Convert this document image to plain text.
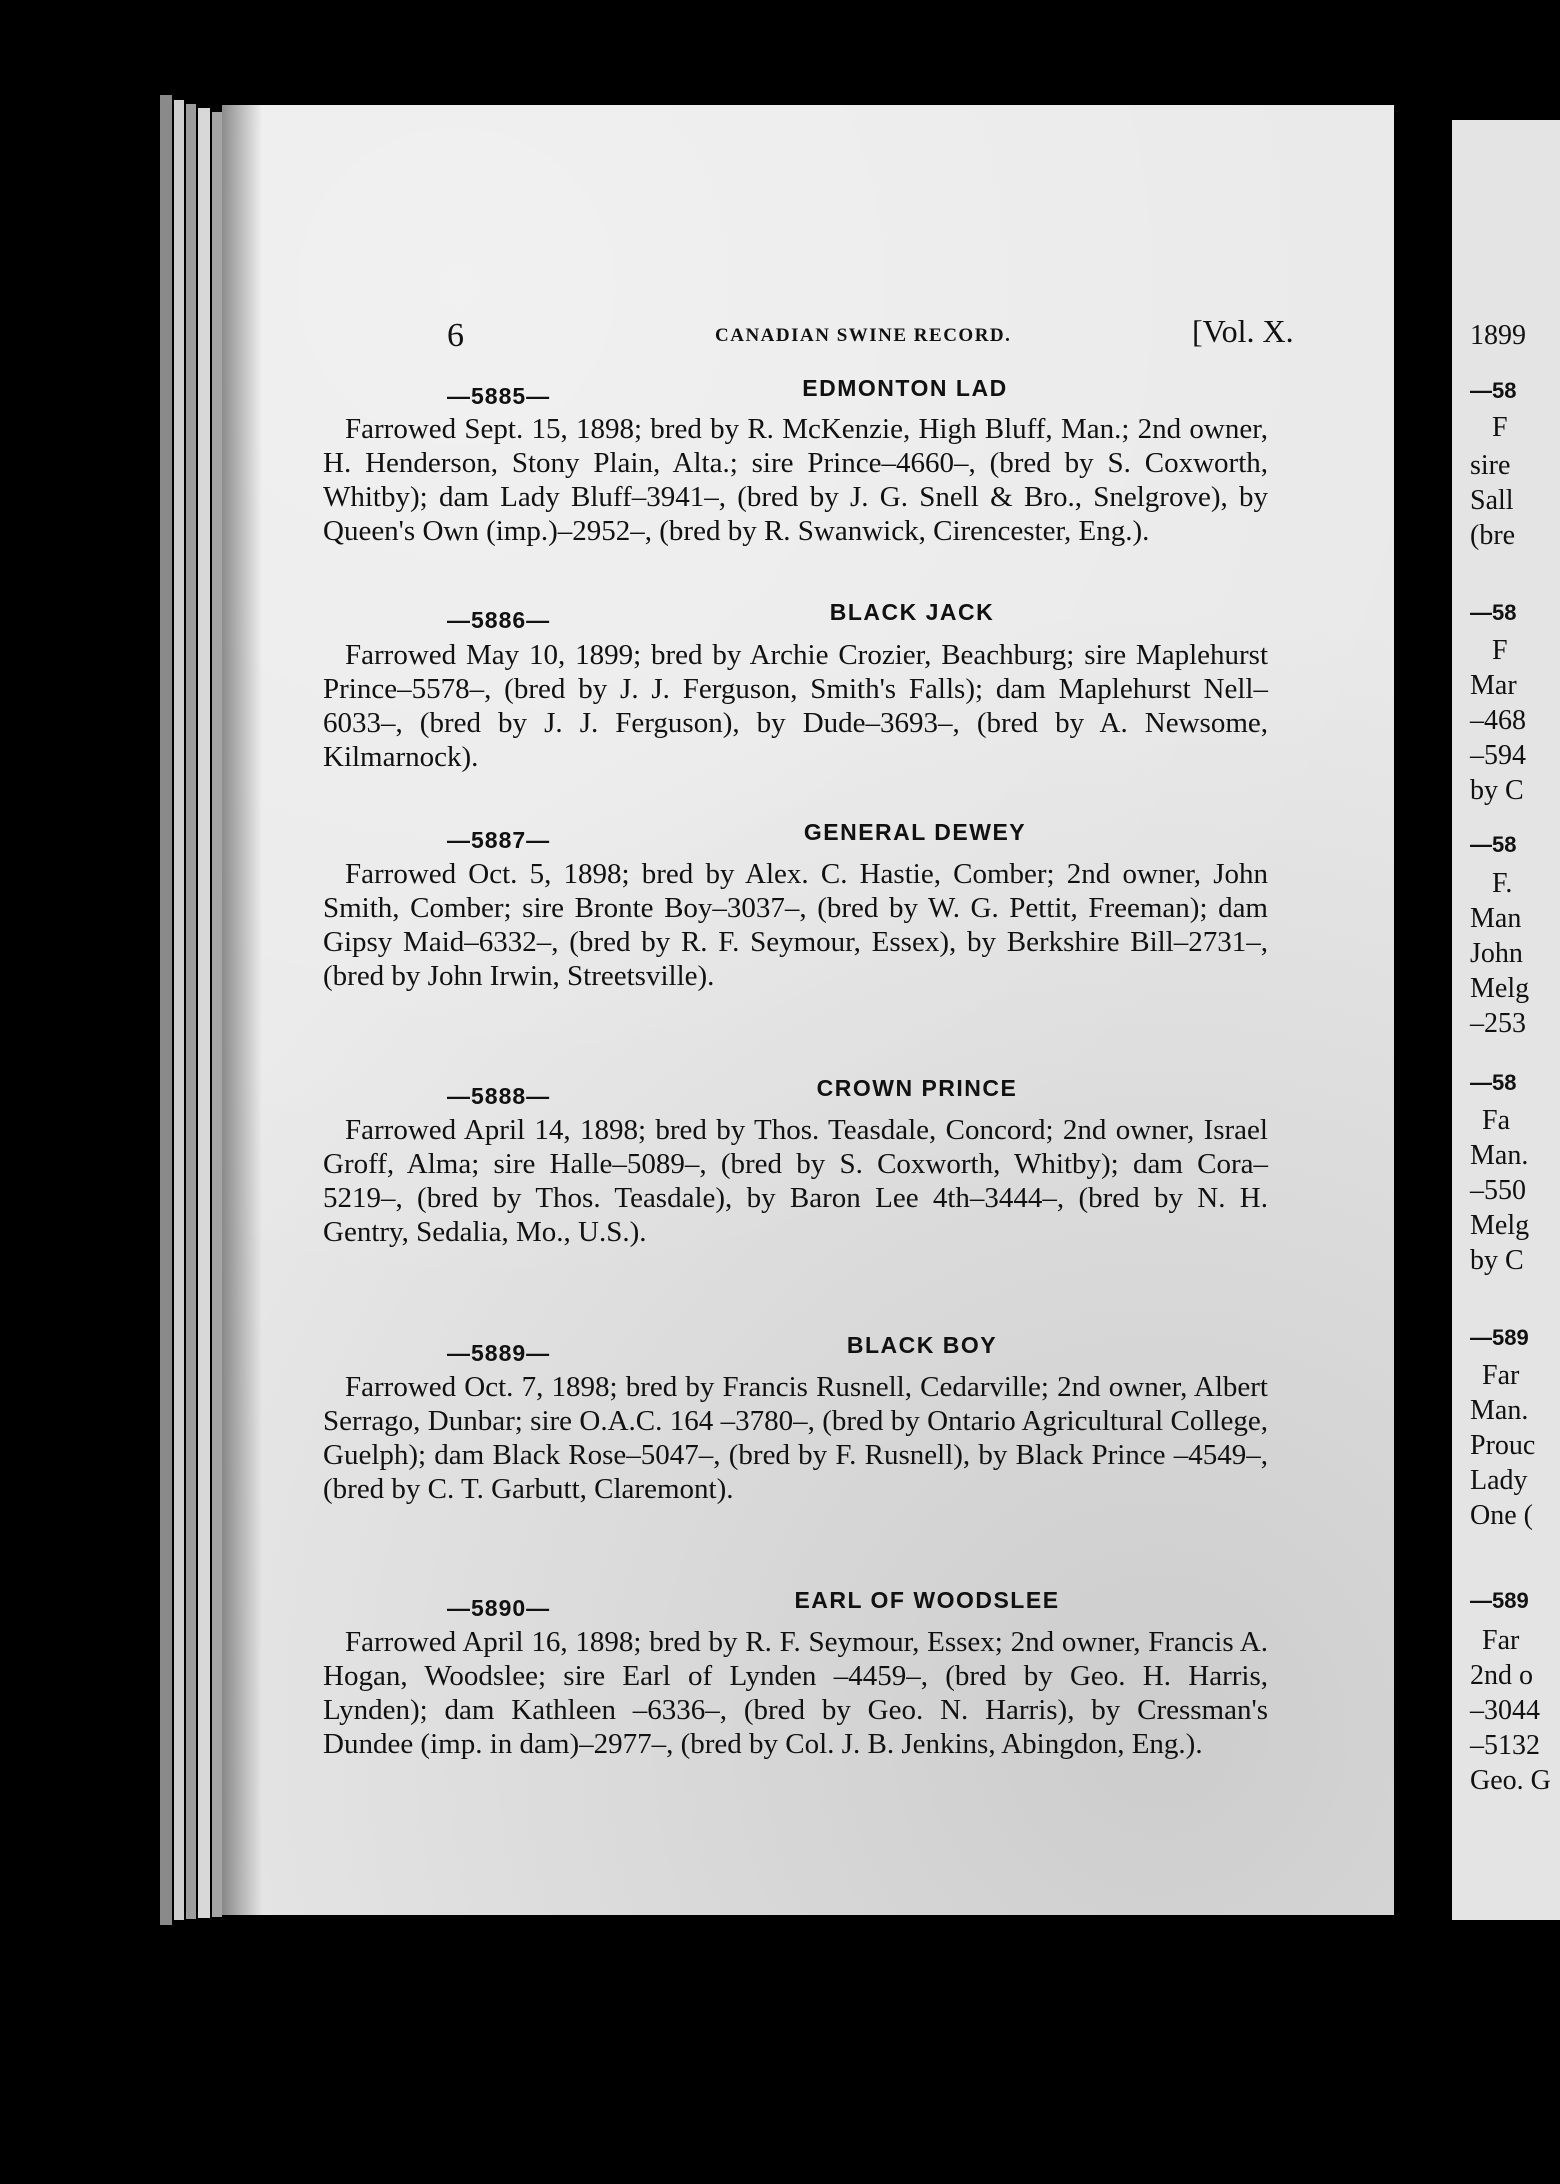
6	CANADIAN SWINE RECORD.	[Vol. X.
—5885—	EDMONTON LAD
Farrowed Sept. 15, 1898; bred by R. McKenzie, High Bluff, Man.; 2nd owner, H. Henderson, Stony Plain, Alta.; sire Prince–4660–, (bred by S. Coxworth, Whitby); dam Lady Bluff–3941–, (bred by J. G. Snell & Bro., Snelgrove), by Queen's Own (imp.)–2952–, (bred by R. Swanwick, Cirencester, Eng.).
—5886—	BLACK JACK
Farrowed May 10, 1899; bred by Archie Crozier, Beachburg; sire Maplehurst Prince–5578–, (bred by J. J. Ferguson, Smith's Falls); dam Maplehurst Nell–6033–, (bred by J. J. Ferguson), by Dude–3693–, (bred by A. Newsome, Kilmarnock).
—5887—	GENERAL DEWEY
Farrowed Oct. 5, 1898; bred by Alex. C. Hastie, Comber; 2nd owner, John Smith, Comber; sire Bronte Boy–3037–, (bred by W. G. Pettit, Freeman); dam Gipsy Maid–6332–, (bred by R. F. Seymour, Essex), by Berkshire Bill–2731–, (bred by John Irwin, Streetsville).
—5888—	CROWN PRINCE
Farrowed April 14, 1898; bred by Thos. Teasdale, Concord; 2nd owner, Israel Groff, Alma; sire Halle–5089–, (bred by S. Coxworth, Whitby); dam Cora–5219–, (bred by Thos. Teasdale), by Baron Lee 4th–3444–, (bred by N. H. Gentry, Sedalia, Mo., U.S.).
—5889—	BLACK BOY
Farrowed Oct. 7, 1898; bred by Francis Rusnell, Cedarville; 2nd owner, Albert Serrago, Dunbar; sire O.A.C. 164 –3780–, (bred by Ontario Agricultural College, Guelph); dam Black Rose–5047–, (bred by F. Rusnell), by Black Prince –4549–, (bred by C. T. Garbutt, Claremont).
—5890—	EARL OF WOODSLEE
Farrowed April 16, 1898; bred by R. F. Seymour, Essex; 2nd owner, Francis A. Hogan, Woodslee; sire Earl of Lynden –4459–, (bred by Geo. H. Harris, Lynden); dam Kathleen –6336–, (bred by Geo. N. Harris), by Cressman's Dundee (imp. in dam)–2977–, (bred by Col. J. B. Jenkins, Abingdon, Eng.).
1899
—58
F
sire
Sall
(bre
—58
F
Mar
–468
–594
by C
—58
F.
Man
John
Melg
–253
—58
Fa
Man.
–550
Melg
by C
—589
Far
Man.
Prouc
Lady
One (
—589
Far
2nd o
–3044
–5132
Geo. G
